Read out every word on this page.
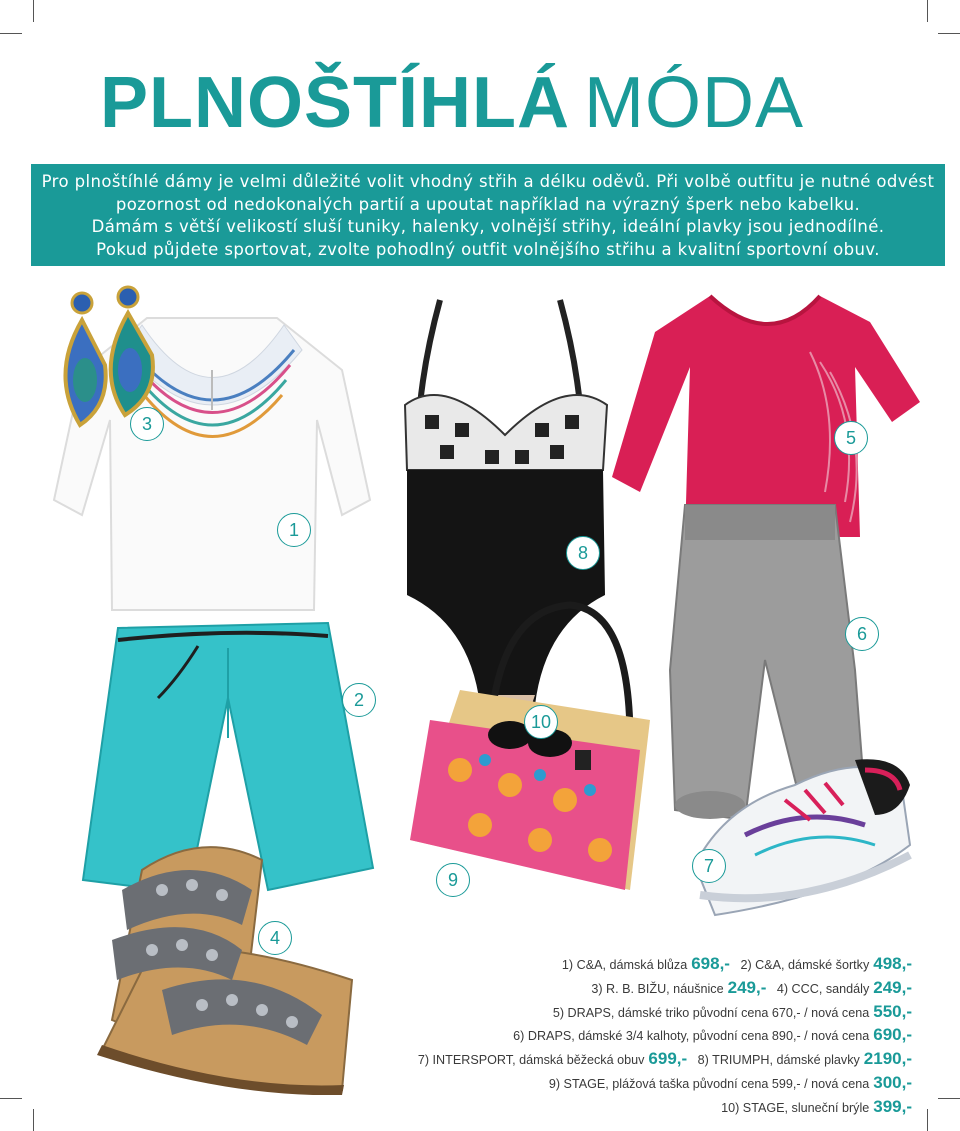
PLNOŠTÍHLÁ MÓDA

Pro plnoštíhlé dámy je velmi důležité volit vhodný střih a délku oděvů. Při volbě outfitu je nutné odvést

pozornost od nedokonalých partií a upoutat například na výrazný šperk nebo kabelku.

Dámám s větší velikostí sluší tuniky, halenky, volnější střihy, ideální plavky jsou jednodílné.

Pokud půjdete sportovat, zvolte pohodlný outfit volnějšího střihu a kvalitní sportovní obuv.

1
2
3
4
5
6
7
8
9
10
1) C&A, dámská blůza 698,- 2) C&A, dámské šortky 498,-
3) R. B. BIŽU, náušnice 249,- 4) CCC, sandály 249,-
5) DRAPS, dámské triko původní cena 670,- / nová cena 550,-
6) DRAPS, dámské 3/4 kalhoty, původní cena 890,- / nová cena 690,-
7) INTERSPORT, dámská běžecká obuv 699,- 8) TRIUMPH, dámské plavky 2190,-
9) STAGE, plážová taška původní cena 599,- / nová cena 300,-
10) STAGE, sluneční brýle 399,-
